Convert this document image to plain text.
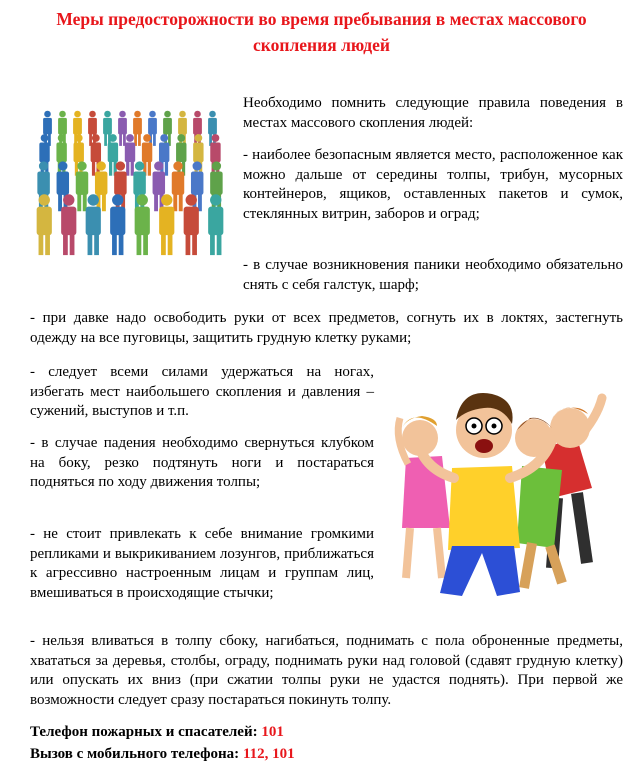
Меры предосторожности во время пребывания в местах массового скопления людей

Необходимо помнить следующие правила поведения в местах массового скопления людей:

- наиболее безопасным является место, расположенное как можно дальше от середины толпы, трибун, мусорных контейнеров, ящиков, оставленных пакетов и сумок, стеклянных витрин, заборов и оград;

- в случае возникновения паники необходимо обязательно снять с себя галстук, шарф;

- при давке надо освободить руки от всех предметов, согнуть их в локтях, застегнуть одежду на все пуговицы, защитить грудную клетку руками;

- следует всеми силами удержаться на ногах, избегать мест наибольшего скопления и давления – сужений, выступов и т.п.

- в случае падения необходимо свернуться клубком на боку, резко подтянуть ноги и постараться подняться по ходу движения толпы;

- не стоит привлекать к себе внимание громкими репликами и выкрикиванием лозунгов, приближаться к агрессивно настроенным лицам и группам лиц, вмешиваться в происходящие стычки;

- нельзя вливаться в толпу сбоку, нагибаться, поднимать с пола оброненные предметы, хвататься за деревья, столбы, ограду, поднимать руки над головой (сдавят грудную клетку) или опускать их вниз (при сжатии толпы руки не удастся поднять). При первой же возможности следует сразу постараться покинуть толпу.

Телефон пожарных и спасателей: 101

Вызов с мобильного телефона: 112, 101
